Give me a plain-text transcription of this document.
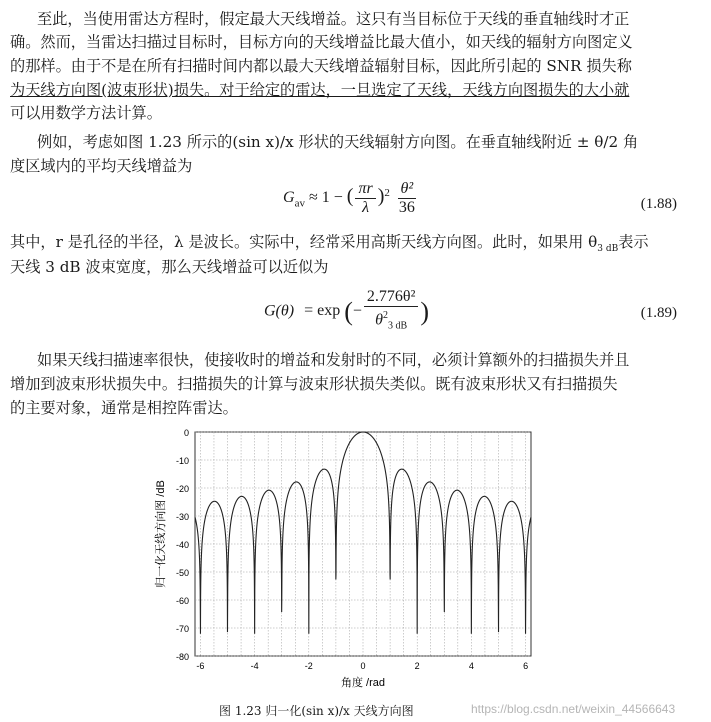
至此，当使用雷达方程时，假定最大天线增益。这只有当目标位于天线的垂直轴线时才正
确。然而，当雷达扫描过目标时，目标方向的天线增益比最大值小，如天线的辐射方向图定义
的那样。由于不是在所有扫描时间内都以最大天线增益辐射目标，因此所引起的 SNR 损失称
为天线方向图(波束形状)损失。对于给定的雷达，一旦选定了天线，天线方向图损失的大小就
可以用数学方法计算。
例如，考虑如图 1.23 所示的(sin x)/x 形状的天线辐射方向图。在垂直轴线附近 ± θ/2 角
度区域内的平均天线增益为
$G_{av} \approx 1$ − ( $\frac{\pi r}{\lambda} )^2 \frac{\text{θ²}}{36}$	(1.88)
其中，r 是孔径的半径，λ 是波长。实际中，经常采用高斯天线方向图。此时，如果用 $\theta_{3 dB}$表示
天线 3 dB 波束宽度，那么天线增益可以近似为
G(θ) = exp (− $\frac{\text{2.776θ²}}{\theta^2_{3 dB}}$ )	(1.89)
如果天线扫描速率很快，使接收时的增益和发射时的不同，必须计算额外的扫描损失并且
增加到波束形状损失中。扫描损失的计算与波束形状损失类似。既有波束形状又有扫描损失
的主要对象，通常是相控阵雷达。
0
-10
-20
-30
-40
-50
-60
-70
-80
-6	-4	-2	0	2	4	6
归一化天线方向图 /dB
角度 /rad
图 1.23 归一化(sin x)/x 天线方向图	https://blog.csdn.net/weixin_44566643
